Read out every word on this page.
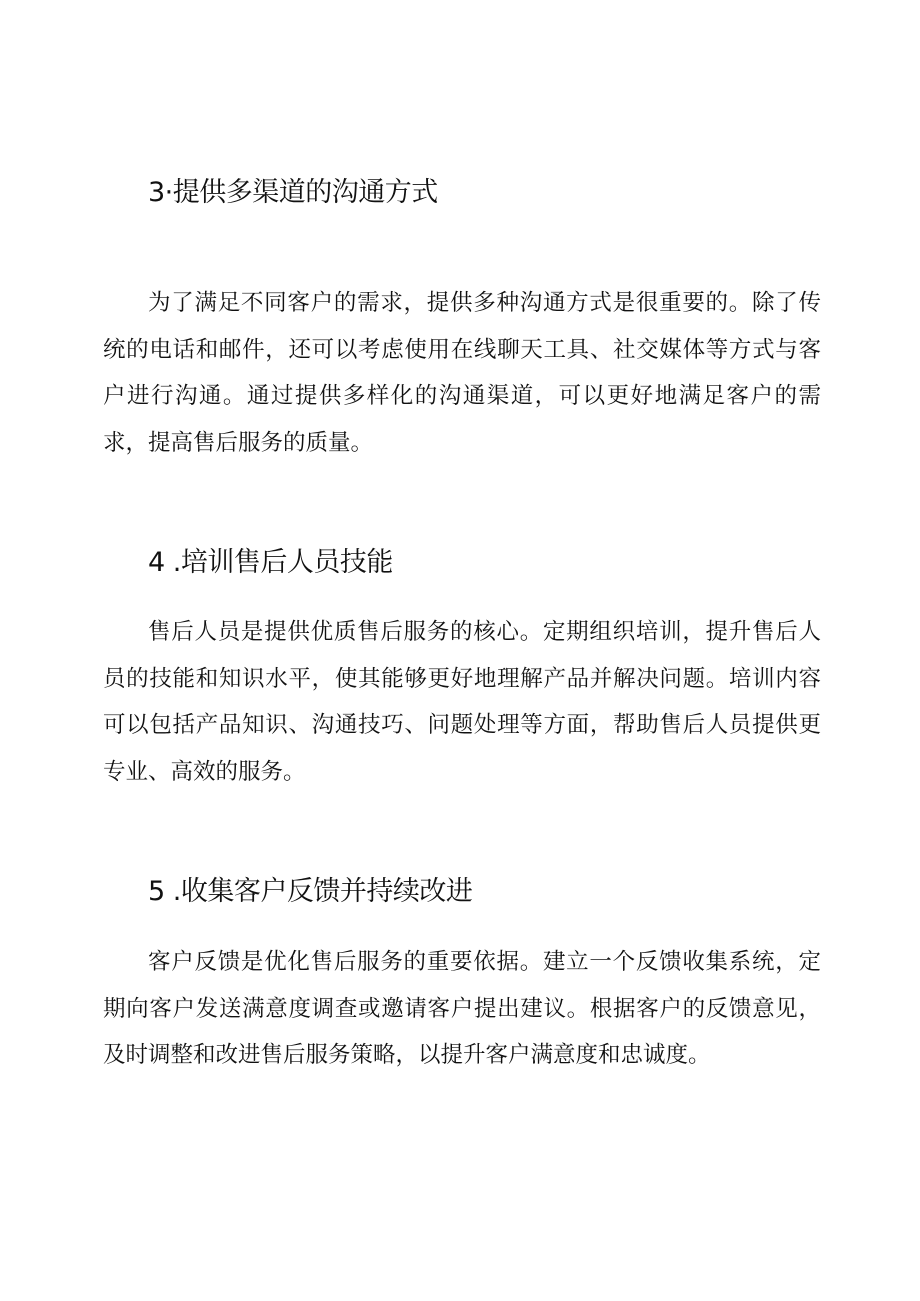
3·提供多渠道的沟通方式

为了满足不同客户的需求，提供多种沟通方式是很重要的。除了传统的电话和邮件，还可以考虑使用在线聊天工具、社交媒体等方式与客户进行沟通。通过提供多样化的沟通渠道，可以更好地满足客户的需求，提高售后服务的质量。

4 .培训售后人员技能

售后人员是提供优质售后服务的核心。定期组织培训，提升售后人员的技能和知识水平，使其能够更好地理解产品并解决问题。培训内容可以包括产品知识、沟通技巧、问题处理等方面，帮助售后人员提供更专业、高效的服务。

5 .收集客户反馈并持续改进

客户反馈是优化售后服务的重要依据。建立一个反馈收集系统，定期向客户发送满意度调查或邀请客户提出建议。根据客户的反馈意见，及时调整和改进售后服务策略，以提升客户满意度和忠诚度。
